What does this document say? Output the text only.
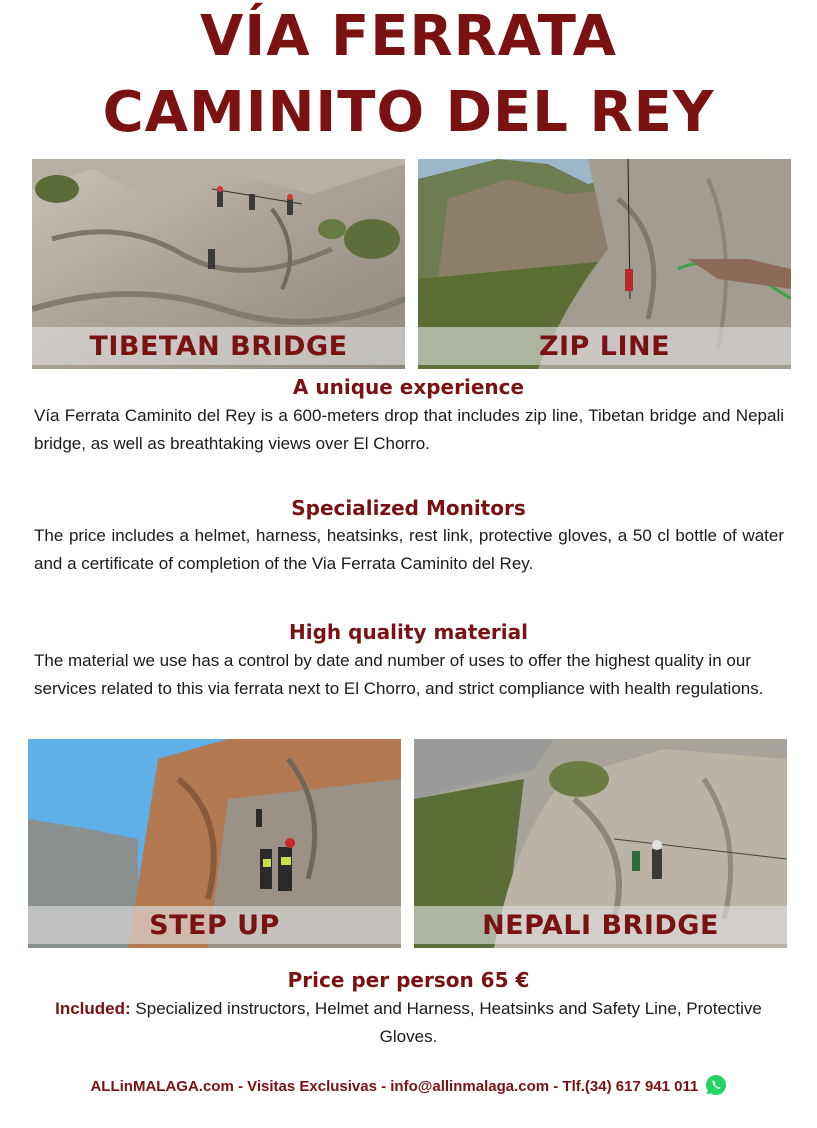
VÍA FERRATA
CAMINITO DEL REY
TIBETAN BRIDGE	ZIP LINE
A unique experience

Vía Ferrata Caminito del Rey is a 600-meters drop that includes zip line, Tibetan bridge and Nepali bridge, as well as breathtaking views over El Chorro.

Specialized Monitors

The price includes a helmet, harness, heatsinks, rest link, protective gloves, a 50 cl bottle of water and a certificate of completion of the Via Ferrata Caminito del Rey.

High quality material

The material we use has a control by date and number of uses to offer the highest quality in our services related to this via ferrata next to El Chorro, and strict compliance with health regulations.

STEP UP	NEPALI BRIDGE
Price per person 65 €

Included: Specialized instructors, Helmet and Harness, Heatsinks and Safety Line, Protective Gloves.

ALLinMALAGA.com - Visitas Exclusivas - info@allinmalaga.com - Tlf.(34) 617 941 011
